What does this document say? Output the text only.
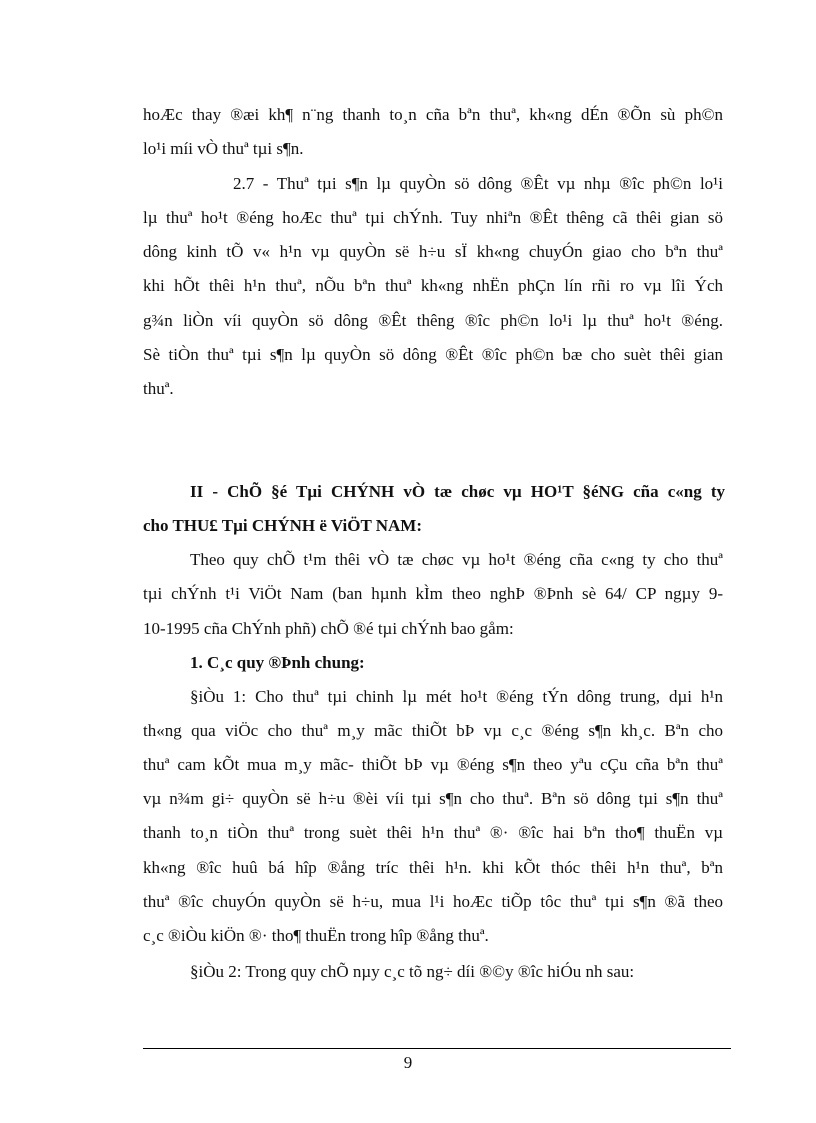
hoÆc thay ®æi kh¶ n¨ng thanh to¸n cña bªn thuª, kh«ng dÉn ®Õn sù ph©n
lo¹i míi vÒ thuª tµi s¶n.
2.7 - Thuª tµi s¶n lµ quyÒn sö dông ®Êt vµ nhµ ®îc ph©n lo¹i
lµ thuª ho¹t ®éng hoÆc thuª tµi chÝnh. Tuy nhiªn ®Êt thêng cã thêi gian sö
dông kinh tÕ v« h¹n vµ quyÒn së h÷u sÏ kh«ng chuyÓn giao cho bªn thuª
khi hÕt thêi h¹n thuª, nÕu bªn thuª kh«ng nhËn phÇn lín rñi ro vµ lîi Ých
g¾n liÒn víi quyÒn sö dông ®Êt thêng ®îc ph©n lo¹i lµ thuª ho¹t ®éng.
Sè tiÒn thuª tµi s¶n lµ quyÒn sö dông ®Êt ®îc ph©n bæ cho suèt thêi gian
thuª.
II - ChÕ §é Tµi CHÝNH vÒ tæ chøc vµ HO¹T §éNG cña c«ng ty
cho THU£ Tµi CHÝNH ë ViÖT NAM:
Theo quy chÕ t¹m thêi vÒ tæ chøc vµ ho¹t ®éng cña c«ng ty cho thuª
tµi chÝnh t¹i ViÖt Nam (ban hµnh kÌm theo nghÞ ®Þnh sè 64/ CP ngµy 9-
10-1995 cña ChÝnh phñ) chÕ ®é tµi chÝnh bao gåm:
1. C¸c quy ®Þnh chung:
§iÒu 1: Cho thuª tµi chinh lµ mét ho¹t ®éng tÝn dông trung, dµi h¹n
th«ng qua viÖc cho thuª m¸y mãc thiÕt bÞ vµ c¸c ®éng s¶n kh¸c. Bªn cho
thuª cam kÕt mua m¸y mãc- thiÕt bÞ vµ ®éng s¶n theo yªu cÇu cña bªn thuª
vµ n¾m gi÷ quyÒn së h÷u ®èi víi tµi s¶n cho thuª. Bªn sö dông tµi s¶n thuª
thanh to¸n tiÒn thuª trong suèt thêi h¹n thuª ®· ®îc hai bªn tho¶ thuËn vµ
kh«ng ®îc huû bá hîp ®ång tríc thêi h¹n. khi kÕt thóc thêi h¹n thuª, bªn
thuª ®îc chuyÓn quyÒn së h÷u, mua l¹i hoÆc tiÕp tôc thuª tµi s¶n ®ã theo
c¸c ®iÒu kiÖn ®· tho¶ thuËn trong hîp ®ång thuª.
§iÒu 2: Trong quy chÕ nµy c¸c tõ ng÷ díi ®©y ®îc hiÓu nh sau:
9
